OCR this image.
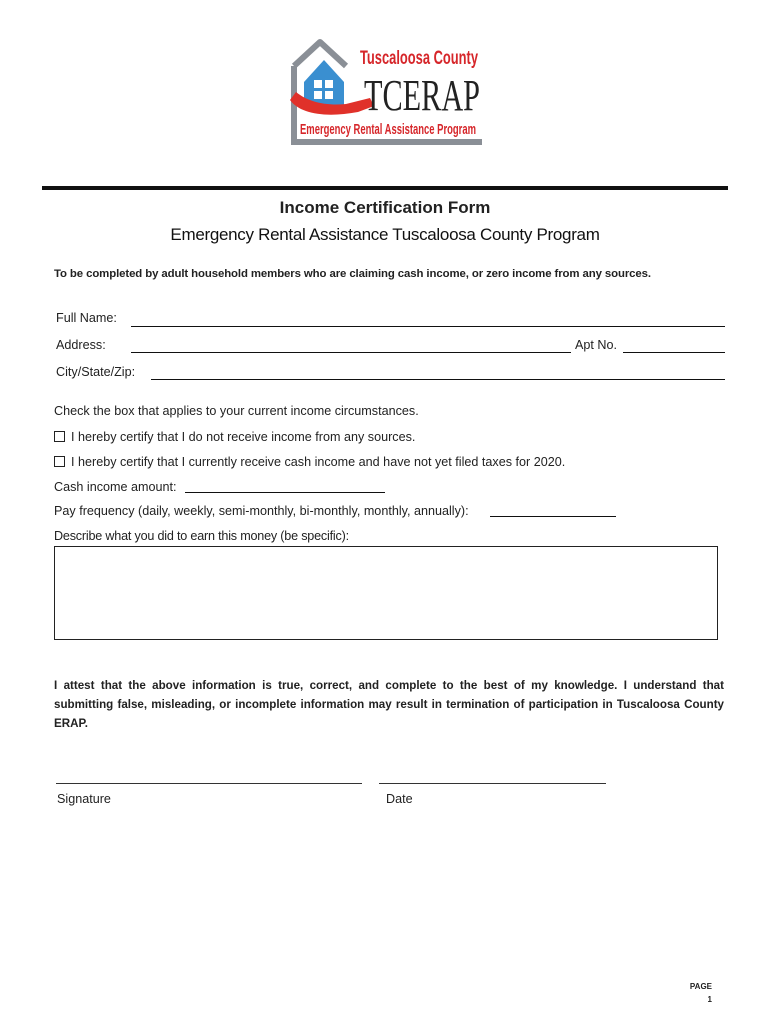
Tuscaloosa County
TCERAP
Emergency Rental Assistance Program
Income Certification Form
Emergency Rental Assistance Tuscaloosa County Program
To be completed by adult household members who are claiming cash income, or zero income from any sources.
Full Name:
Address:	Apt No.
City/State/Zip:
Check the box that applies to your current income circumstances.
I hereby certify that I do not receive income from any sources.
I hereby certify that I currently receive cash income and have not yet filed taxes for 2020.
Cash income amount:
Pay frequency (daily, weekly, semi-monthly, bi-monthly, monthly, annually):
Describe what you did to earn this money (be specific):
I attest that the above information is true, correct, and complete to the best of my knowledge. I understand that submitting false, misleading, or incomplete information may result in termination of participation in Tuscaloosa County ERAP.
Signature	Date
PAGE
1
